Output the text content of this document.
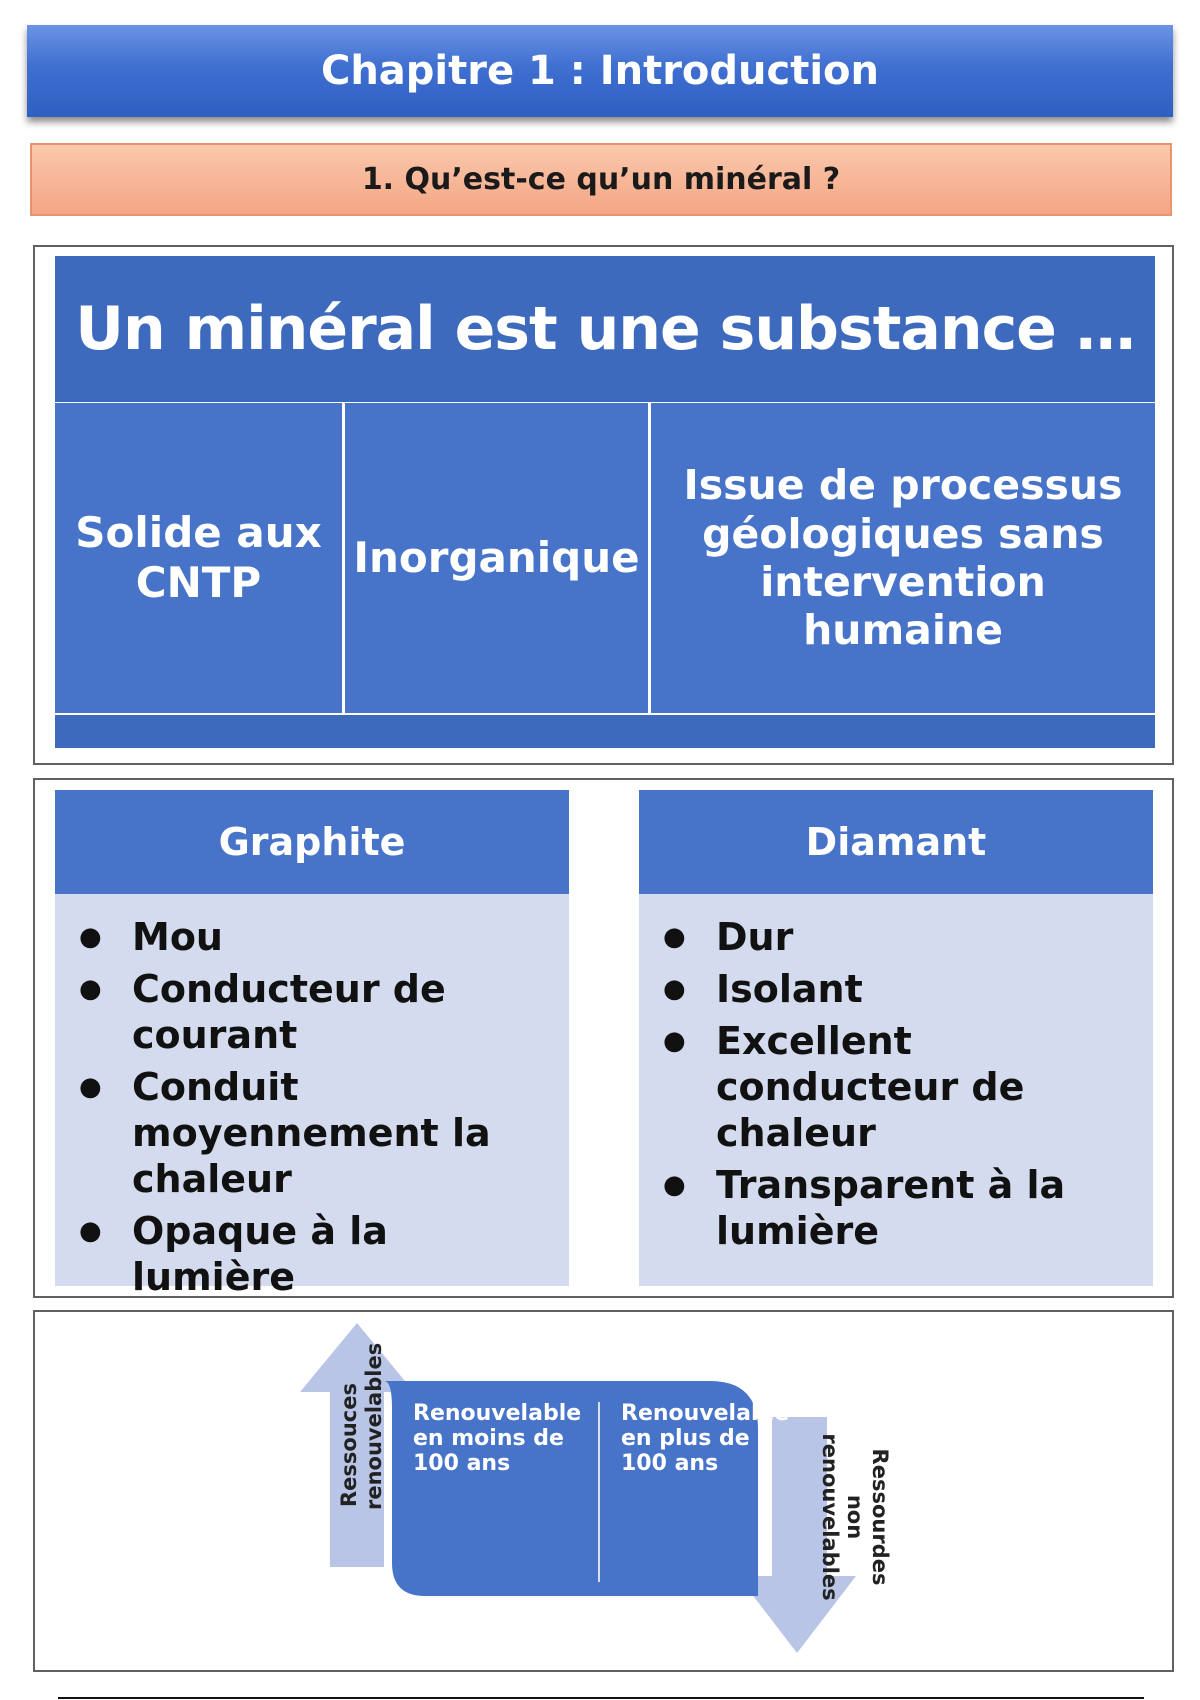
Chapitre 1 : Introduction
1. Qu’est-ce qu’un minéral ?
Un minéral est une substance …
Solide aux CNTP
Inorganique
Issue de processus géologiques sans intervention humaine
Graphite
● Mou
● Conducteur de courant
● Conduit moyennement la chaleur
● Opaque à la lumière
Diamant
● Dur
● Isolant
● Excellent conducteur de chaleur
● Transparent à la lumière
Renouvelable en moins de 100 ans
Renouvelable en plus de 100 ans
Ressouces renouvelables
Ressourdes non renouvelables
